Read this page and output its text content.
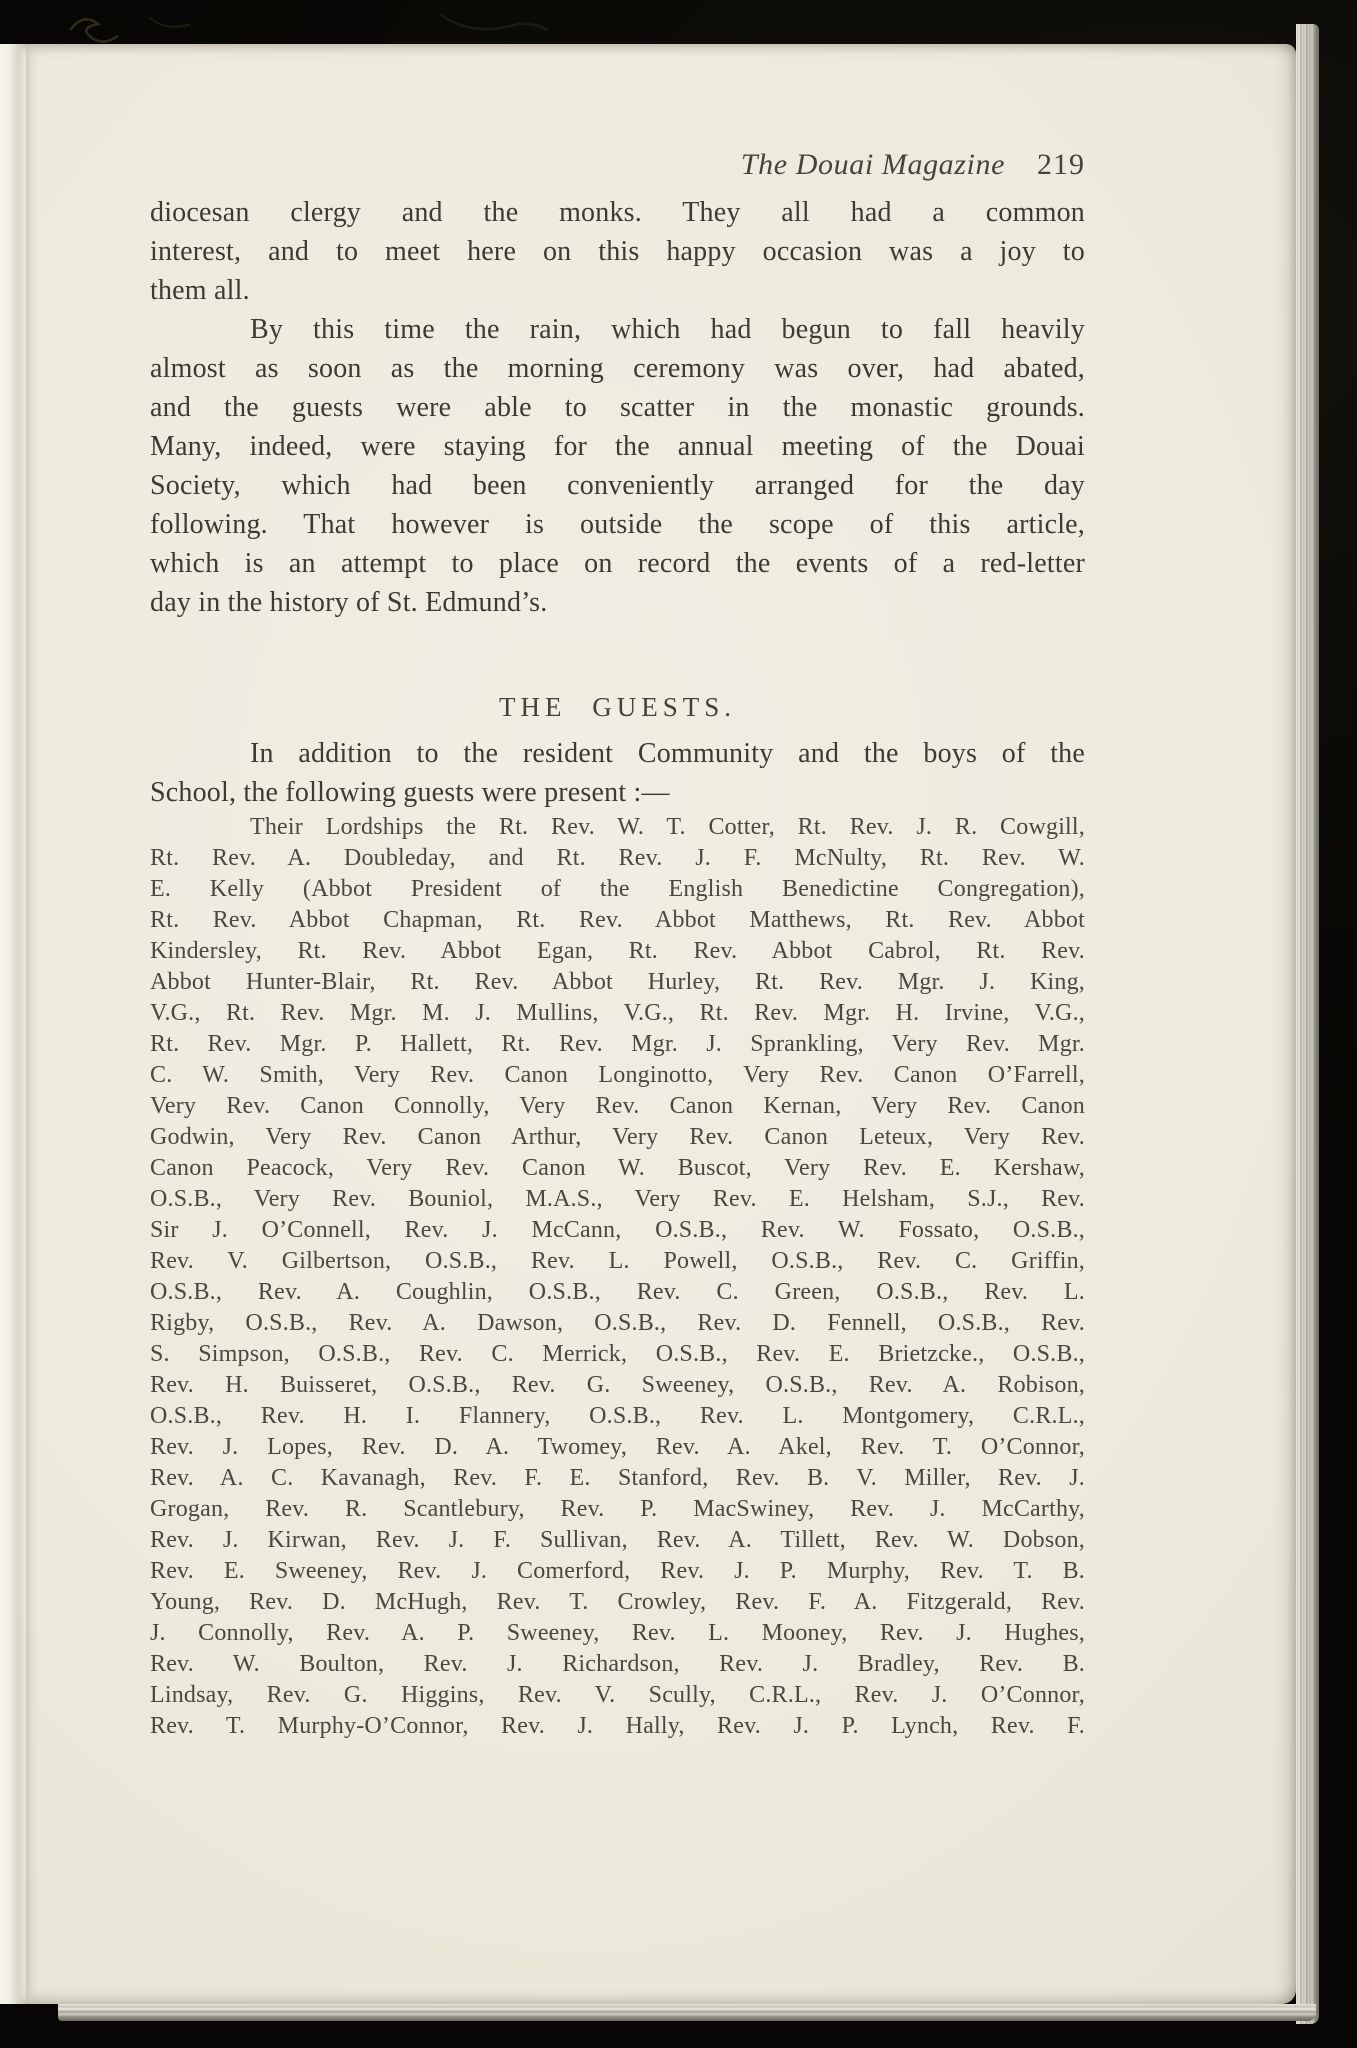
The Douai Magazine 219
diocesan clergy and the monks. They all had a common
interest, and to meet here on this happy occasion was a joy to
them all.
By this time the rain, which had begun to fall heavily
almost as soon as the morning ceremony was over, had abated,
and the guests were able to scatter in the monastic grounds.
Many, indeed, were staying for the annual meeting of the Douai
Society, which had been conveniently arranged for the day
following. That however is outside the scope of this article,
which is an attempt to place on record the events of a red-letter
day in the history of St. Edmund’s.
THE GUESTS.
In addition to the resident Community and the boys of the
School, the following guests were present :—
Their Lordships the Rt. Rev. W. T. Cotter, Rt. Rev. J. R. Cowgill,
Rt. Rev. A. Doubleday, and Rt. Rev. J. F. McNulty, Rt. Rev. W.
E. Kelly (Abbot President of the English Benedictine Congregation),
Rt. Rev. Abbot Chapman, Rt. Rev. Abbot Matthews, Rt. Rev. Abbot
Kindersley, Rt. Rev. Abbot Egan, Rt. Rev. Abbot Cabrol, Rt. Rev.
Abbot Hunter-Blair, Rt. Rev. Abbot Hurley, Rt. Rev. Mgr. J. King,
V.G., Rt. Rev. Mgr. M. J. Mullins, V.G., Rt. Rev. Mgr. H. Irvine, V.G.,
Rt. Rev. Mgr. P. Hallett, Rt. Rev. Mgr. J. Sprankling, Very Rev. Mgr.
C. W. Smith, Very Rev. Canon Longinotto, Very Rev. Canon O’Farrell,
Very Rev. Canon Connolly, Very Rev. Canon Kernan, Very Rev. Canon
Godwin, Very Rev. Canon Arthur, Very Rev. Canon Leteux, Very Rev.
Canon Peacock, Very Rev. Canon W. Buscot, Very Rev. E. Kershaw,
O.S.B., Very Rev. Bouniol, M.A.S., Very Rev. E. Helsham, S.J., Rev.
Sir J. O’Connell, Rev. J. McCann, O.S.B., Rev. W. Fossato, O.S.B.,
Rev. V. Gilbertson, O.S.B., Rev. L. Powell, O.S.B., Rev. C. Griffin,
O.S.B., Rev. A. Coughlin, O.S.B., Rev. C. Green, O.S.B., Rev. L.
Rigby, O.S.B., Rev. A. Dawson, O.S.B., Rev. D. Fennell, O.S.B., Rev.
S. Simpson, O.S.B., Rev. C. Merrick, O.S.B., Rev. E. Brietzcke., O.S.B.,
Rev. H. Buisseret, O.S.B., Rev. G. Sweeney, O.S.B., Rev. A. Robison,
O.S.B., Rev. H. I. Flannery, O.S.B., Rev. L. Montgomery, C.R.L.,
Rev. J. Lopes, Rev. D. A. Twomey, Rev. A. Akel, Rev. T. O’Connor,
Rev. A. C. Kavanagh, Rev. F. E. Stanford, Rev. B. V. Miller, Rev. J.
Grogan, Rev. R. Scantlebury, Rev. P. MacSwiney, Rev. J. McCarthy,
Rev. J. Kirwan, Rev. J. F. Sullivan, Rev. A. Tillett, Rev. W. Dobson,
Rev. E. Sweeney, Rev. J. Comerford, Rev. J. P. Murphy, Rev. T. B.
Young, Rev. D. McHugh, Rev. T. Crowley, Rev. F. A. Fitzgerald, Rev.
J. Connolly, Rev. A. P. Sweeney, Rev. L. Mooney, Rev. J. Hughes,
Rev. W. Boulton, Rev. J. Richardson, Rev. J. Bradley, Rev. B.
Lindsay, Rev. G. Higgins, Rev. V. Scully, C.R.L., Rev. J. O’Connor,
Rev. T. Murphy-O’Connor, Rev. J. Hally, Rev. J. P. Lynch, Rev. F.
